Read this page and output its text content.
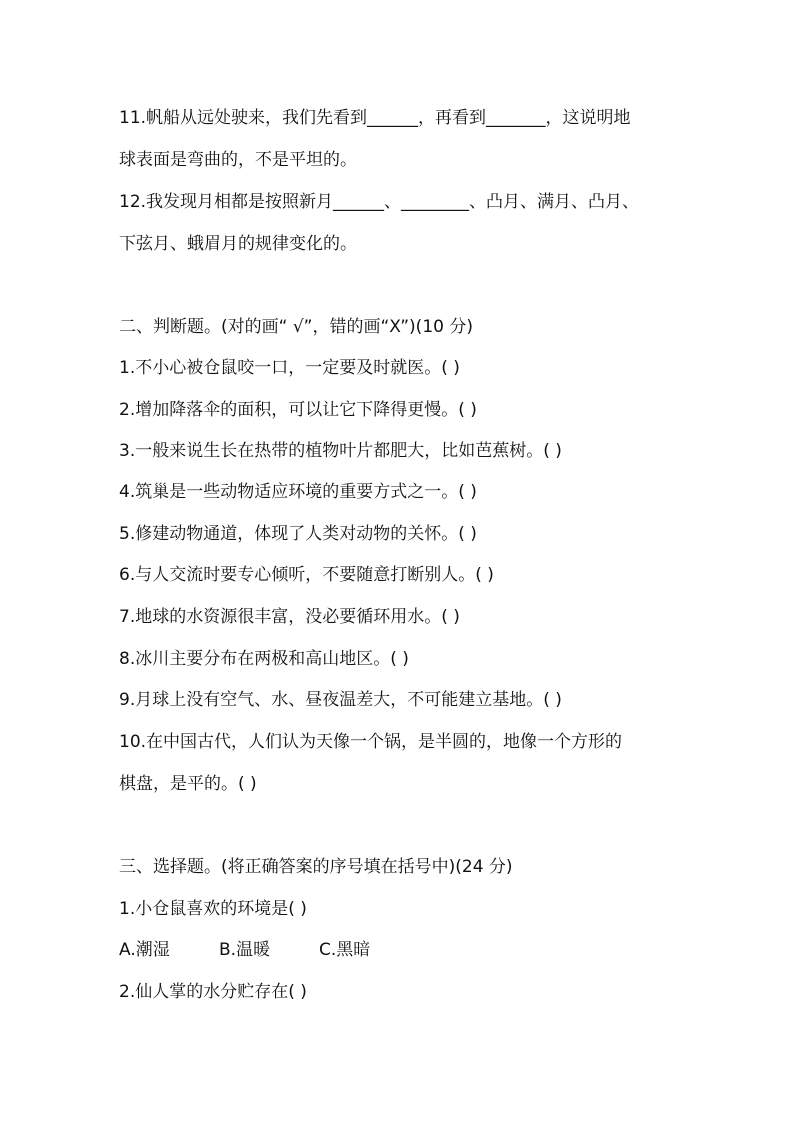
11.帆船从远处驶来，我们先看到______，再看到_______，这说明地
球表面是弯曲的，不是平坦的。
12.我发现月相都是按照新月______、________、凸月、满月、凸月、
下弦月、蛾眉月的规律变化的。
二、判断题。(对的画“ √”，错的画“X”)(10 分)
1.不小心被仓鼠咬一口，一定要及时就医。( )
2.增加降落伞的面积，可以让它下降得更慢。( )
3.一般来说生长在热带的植物叶片都肥大，比如芭蕉树。( )
4.筑巢是一些动物适应环境的重要方式之一。( )
5.修建动物通道，体现了人类对动物的关怀。( )
6.与人交流时要专心倾听，不要随意打断别人。( )
7.地球的水资源很丰富，没必要循环用水。( )
8.冰川主要分布在两极和高山地区。( )
9.月球上没有空气、水、昼夜温差大，不可能建立基地。( )
10.在中国古代，人们认为天像一个锅，是半圆的，地像一个方形的
棋盘，是平的。( )
三、选择题。(将正确答案的序号填在括号中)(24 分)
1.小仓鼠喜欢的环境是( )
A.潮湿	B.温暖	C.黑暗
2.仙人掌的水分贮存在( )
